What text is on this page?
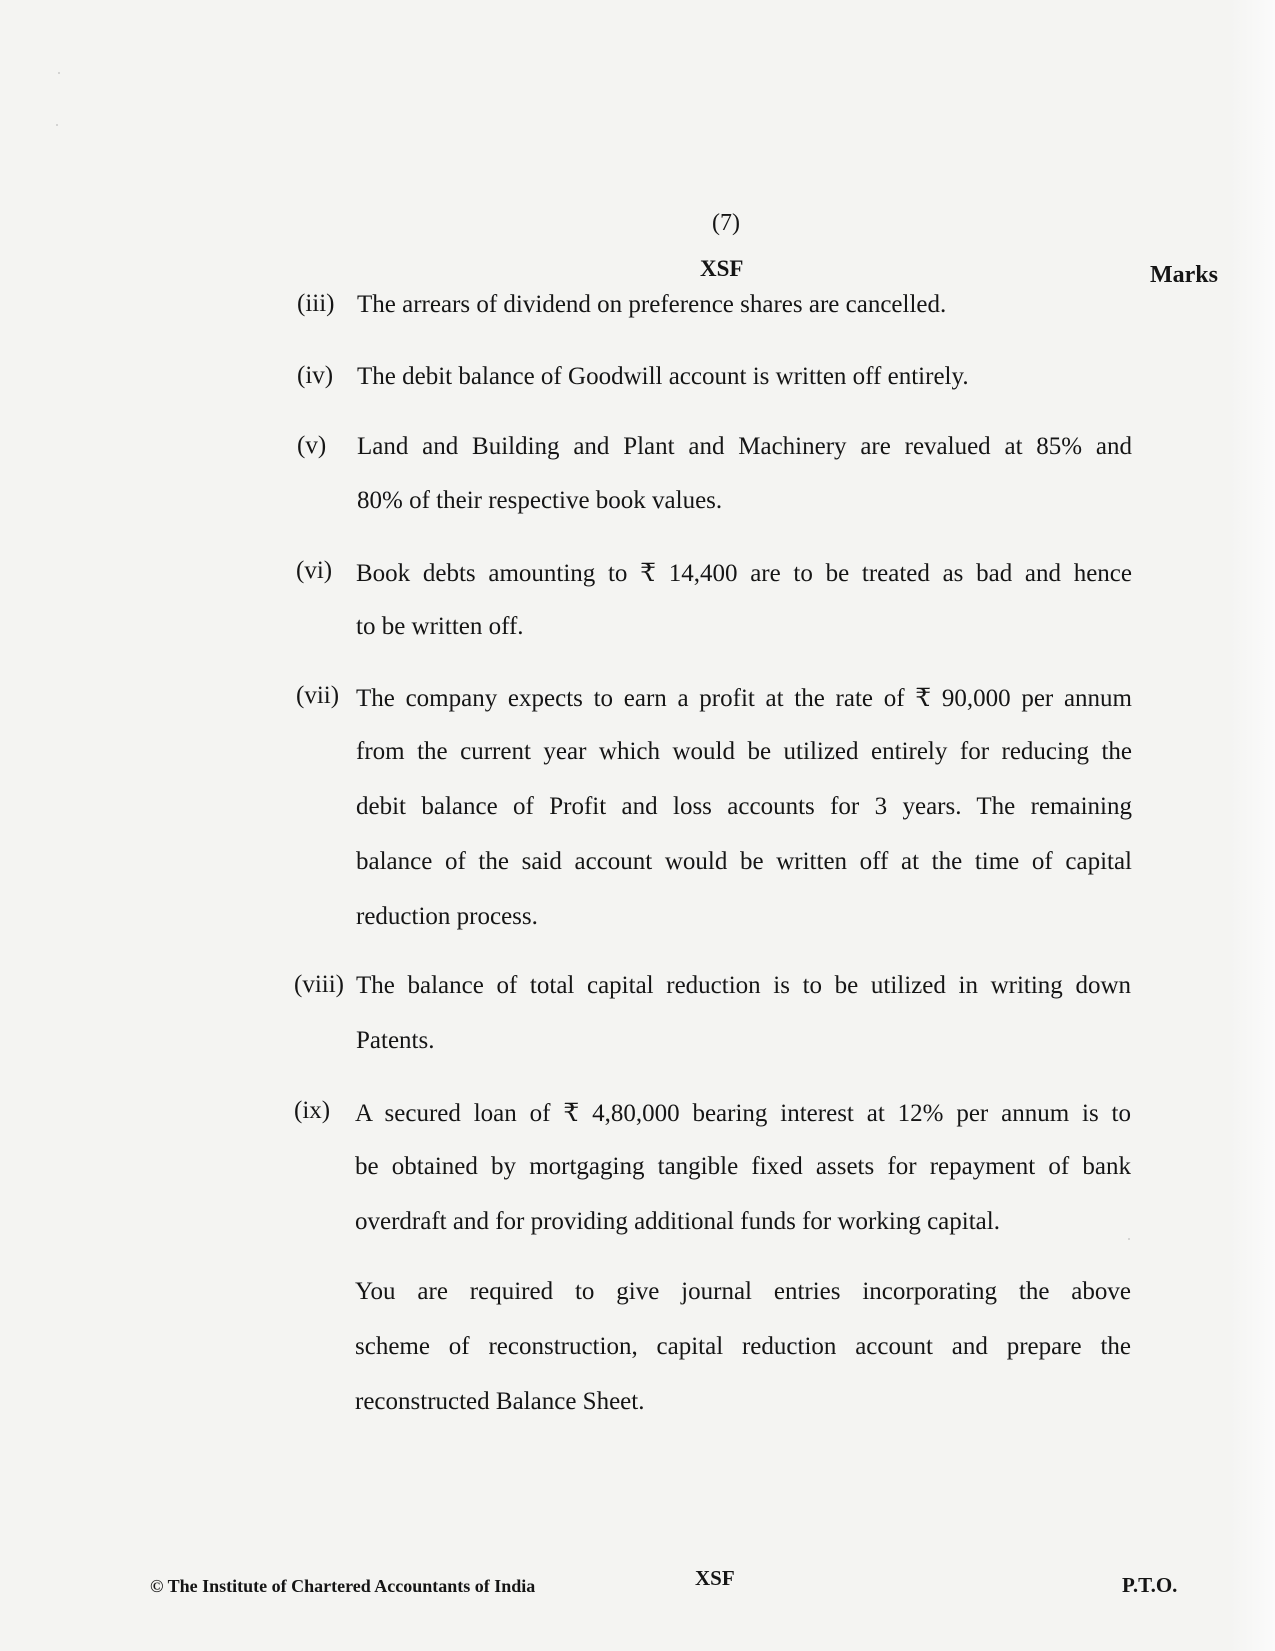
(7)
XSF	Marks
(iii) The arrears of dividend on preference shares are cancelled.
(iv) The debit balance of Goodwill account is written off entirely.
(v) Land and Building and Plant and Machinery are revalued at 85% and
80% of their respective book values.
(vi) Book debts amounting to ₹ 14,400 are to be treated as bad and hence
to be written off.
(vii) The company expects to earn a profit at the rate of ₹ 90,000 per annum
from the current year which would be utilized entirely for reducing the
debit balance of Profit and loss accounts for 3 years. The remaining
balance of the said account would be written off at the time of capital
reduction process.
(viii) The balance of total capital reduction is to be utilized in writing down
Patents.
(ix) A secured loan of ₹ 4,80,000 bearing interest at 12% per annum is to
be obtained by mortgaging tangible fixed assets for repayment of bank
overdraft and for providing additional funds for working capital.
You are required to give journal entries incorporating the above
scheme of reconstruction, capital reduction account and prepare the
reconstructed Balance Sheet.
© The Institute of Chartered Accountants of India	XSF	P.T.O.
